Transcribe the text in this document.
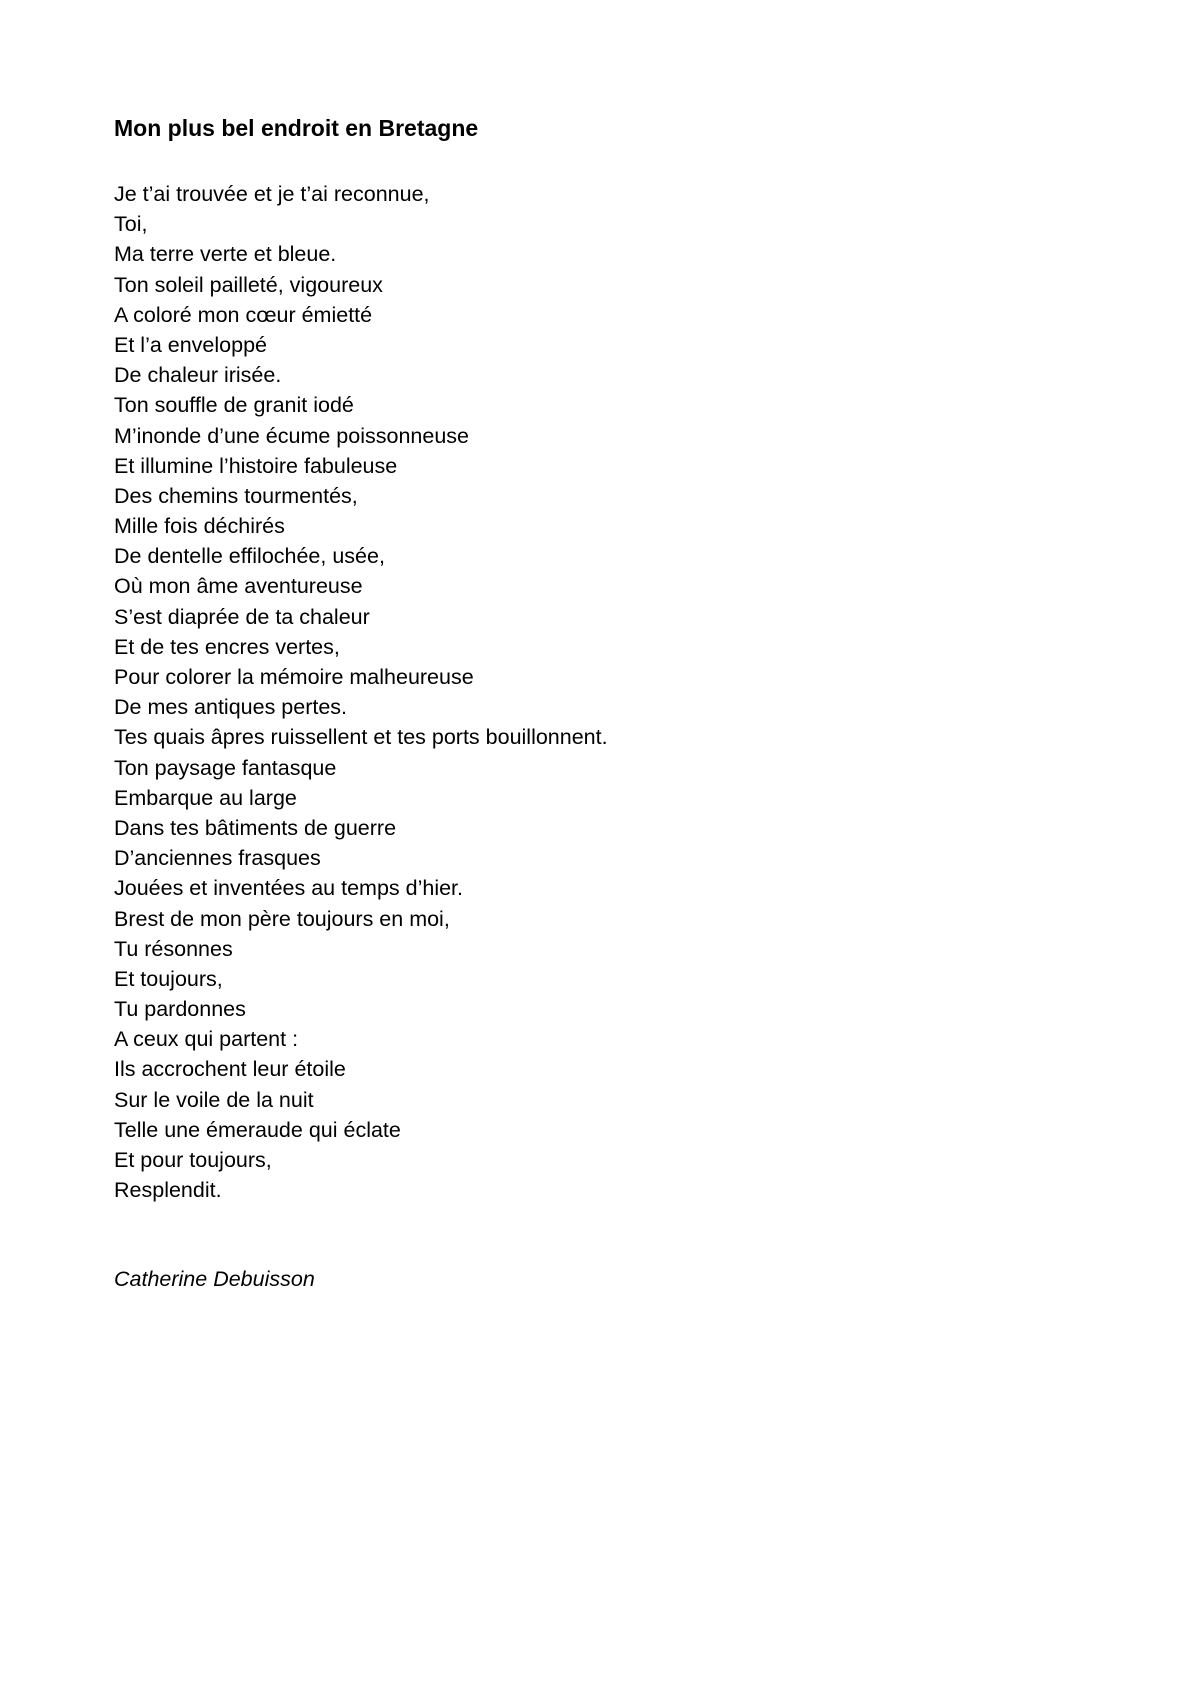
Mon plus bel endroit en Bretagne
Je t’ai trouvée et je t’ai reconnue,
Toi,
Ma terre verte et bleue.
Ton soleil pailleté, vigoureux
A coloré mon cœur émietté
Et l’a enveloppé
De chaleur irisée.
Ton souffle de granit iodé
M’inonde d’une écume poissonneuse
Et illumine l’histoire fabuleuse
Des chemins tourmentés,
Mille fois déchirés
De dentelle effilochée, usée,
Où mon âme aventureuse
S’est diaprée de ta chaleur
Et de tes encres vertes,
Pour colorer la mémoire malheureuse
De mes antiques pertes.
Tes quais âpres ruissellent et tes ports bouillonnent.
Ton paysage fantasque
Embarque au large
Dans tes bâtiments de guerre
D’anciennes frasques
Jouées et inventées au temps d’hier.
Brest de mon père toujours en moi,
Tu résonnes
Et toujours,
Tu pardonnes
A ceux qui partent :
Ils accrochent leur étoile
Sur le voile de la nuit
Telle une émeraude qui éclate
Et pour toujours,
Resplendit.

Catherine Debuisson
